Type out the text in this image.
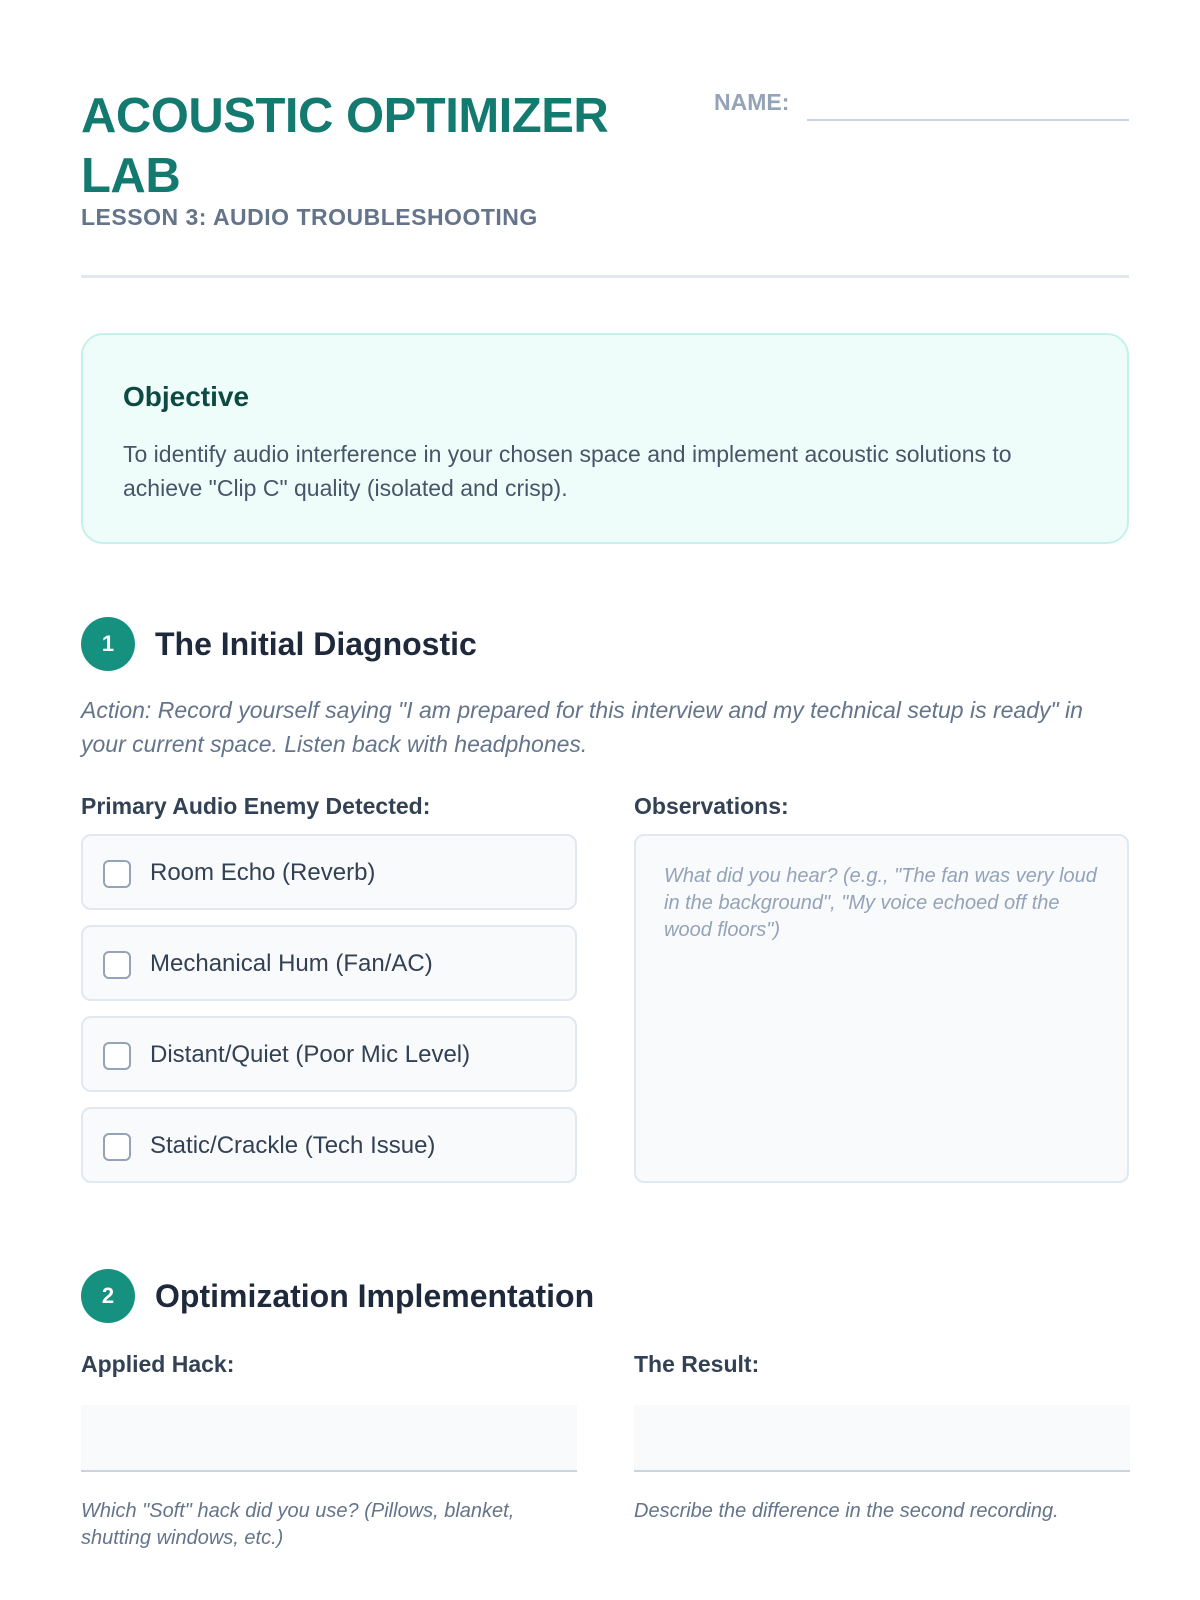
ACOUSTIC OPTIMIZER LAB
LESSON 3: AUDIO TROUBLESHOOTING
NAME:
Objective
To identify audio interference in your chosen space and implement acoustic solutions to achieve "Clip C" quality (isolated and crisp).
1	The Initial Diagnostic
Action: Record yourself saying "I am prepared for this interview and my technical setup is ready" in your current space. Listen back with headphones.
Primary Audio Enemy Detected:	Observations:
Room Echo (Reverb)
Mechanical Hum (Fan/AC)
Distant/Quiet (Poor Mic Level)
Static/Crackle (Tech Issue)
What did you hear? (e.g., "The fan was very loud in the background", "My voice echoed off the wood floors")
2	Optimization Implementation
Applied Hack:	The Result:
Which "Soft" hack did you use? (Pillows, blanket, shutting windows, etc.)
Describe the difference in the second recording.
